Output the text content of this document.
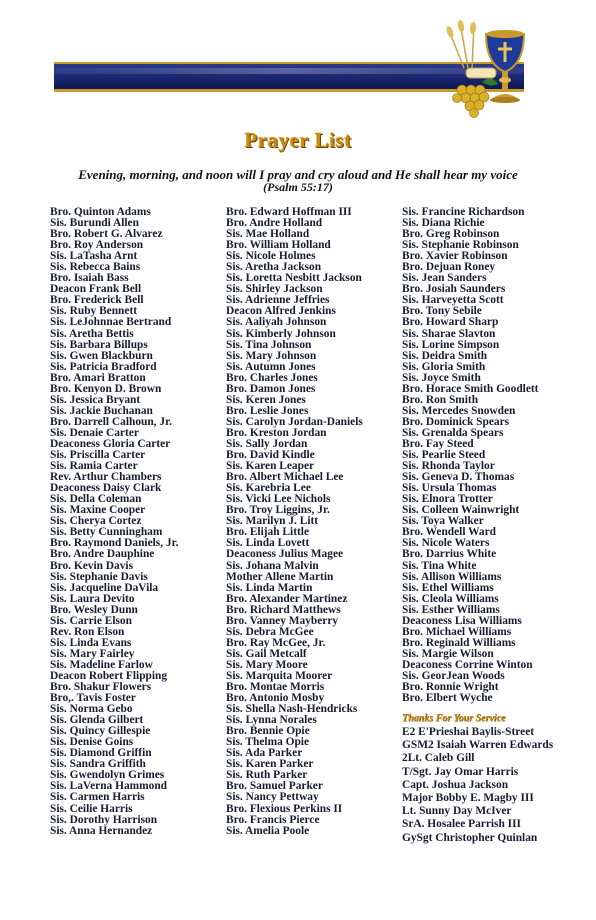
Prayer List
Evening, morning, and noon will I pray and cry aloud and He shall hear my voice
(Psalm 55:17)
Bro. Quinton Adams
Sis. Burundi Allen
Bro. Robert G. Alvarez
Bro. Roy Anderson
Sis. LaTasha Arnt
Sis. Rebecca Bains
Bro. Isaiah Bass
Deacon Frank Bell
Bro. Frederick Bell
Sis. Ruby Bennett
Sis. LeJohnnae Bertrand
Sis. Aretha Bettis
Sis. Barbara Billups
Sis. Gwen Blackburn
Sis. Patricia Bradford
Bro. Amari Bratton
Bro. Kenyon D. Brown
Sis. Jessica Bryant
Sis. Jackie Buchanan
Bro. Darrell Calhoun, Jr.
Sis. Denaie Carter
Deaconess Gloria Carter
Sis. Priscilla Carter
Sis. Ramia Carter
Rev. Arthur Chambers
Deaconess Daisy Clark
Sis. Della Coleman
Sis. Maxine Cooper
Sis. Cherya Cortez
Sis. Betty Cunningham
Bro. Raymond Daniels, Jr.
Bro. Andre Dauphine
Bro. Kevin Davis
Sis. Stephanie Davis
Sis. Jacqueline DaVila
Sis. Laura Devito
Bro. Wesley Dunn
Sis. Carrie Elson
Rev. Ron Elson
Sis. Linda Evans
Sis. Mary Fairley
Sis. Madeline Farlow
Deacon Robert Flipping
Bro. Shakur Flowers
Bro,. Tavis Foster
Sis. Norma Gebo
Sis. Glenda Gilbert
Sis. Quincy Gillespie
Sis. Denise Goins
Sis. Diamond Griffin
Sis. Sandra Griffith
Sis. Gwendolyn Grimes
Sis. LaVerna Hammond
Sis. Carmen Harris
Sis. Ceilie Harris
Sis. Dorothy Harrison
Sis. Anna Hernandez
Bro. Edward Hoffman III
Bro. Andre Holland
Sis. Mae Holland
Bro. William Holland
Sis. Nicole Holmes
Sis. Aretha Jackson
Sis. Loretta Nesbitt Jackson
Sis. Shirley Jackson
Sis. Adrienne Jeffries
Deacon Alfred Jenkins
Sis. Aaliyah Johnson
Sis. Kimberly Johnson
Sis. Tina Johnson
Sis. Mary Johnson
Sis. Autumn Jones
Bro. Charles Jones
Bro. Damon Jones
Sis. Keren Jones
Bro. Leslie Jones
Sis. Carolyn Jordan-Daniels
Bro. Kreston Jordan
Sis. Sally Jordan
Bro. David Kindle
Sis. Karen Leaper
Bro. Albert Michael Lee
Sis. Karebria Lee
Sis. Vicki Lee Nichols
Bro. Troy Liggins, Jr.
Sis. Marilyn J. Litt
Bro. Elijah Little
Sis. Linda Lovett
Deaconess Julius Magee
Sis. Johana Malvin
Mother Allene Martin
Sis. Linda Martin
Bro. Alexander Martinez
Bro. Richard Matthews
Bro. Vanney Mayberry
Sis. Debra McGee
Bro. Ray McGee, Jr.
Sis. Gail Metcalf
Sis. Mary Moore
Sis. Marquita Moorer
Bro. Montae Morris
Bro. Antonio Mosby
Sis. Shella Nash-Hendricks
Sis. Lynna Norales
Bro. Bennie Opie
Sis. Thelma Opie
Sis. Ada Parker
Sis. Karen Parker
Sis. Ruth Parker
Bro. Samuel Parker
Sis. Nancy Pettway
Bro. Flexious Perkins II
Bro. Francis Pierce
Sis. Amelia Poole
Sis. Francine Richardson
Sis. Diana Richie
Bro. Greg Robinson
Sis. Stephanie Robinson
Bro. Xavier Robinson
Bro. Dejuan Roney
Sis. Jean Sanders
Bro. Josiah Saunders
Sis. Harveyetta Scott
Bro. Tony Sebile
Bro. Howard Sharp
Sis. Sharae Slavton
Sis. Lorine Simpson
Sis. Deidra Smith
Sis. Gloria Smith
Sis. Joyce Smith
Bro. Horace Smith Goodlett
Bro. Ron Smith
Sis. Mercedes Snowden
Bro. Dominick Spears
Sis. Grenalda Spears
Bro. Fay Steed
Sis. Pearlie Steed
Sis. Rhonda Taylor
Sis. Geneva D. Thomas
Sis. Ursula Thomas
Sis. Elnora Trotter
Sis. Colleen Wainwright
Sis. Toya Walker
Bro. Wendell Ward
Sis. Nicole Waters
Bro. Darrius White
Sis. Tina White
Sis. Allison Williams
Sis. Ethel Williams
Sis. Cleola Williams
Sis. Esther Williams
Deaconess Lisa Williams
Bro. Michael Williams
Bro. Reginald Williams
Sis. Margie Wilson
Deaconess Corrine Winton
Sis. GeorJean Woods
Bro. Ronnie Wright
Bro. Elbert Wyche
Thanks For Your Service
E2 E'Prieshai Baylis-Street
GSM2 Isaiah Warren Edwards
2Lt. Caleb Gill
T/Sgt. Jay Omar Harris
Capt. Joshua Jackson
Major Bobby E. Magby III
Lt. Sunny Day McIver
SrA. Hosalee Parrish III
GySgt Christopher Quinlan
